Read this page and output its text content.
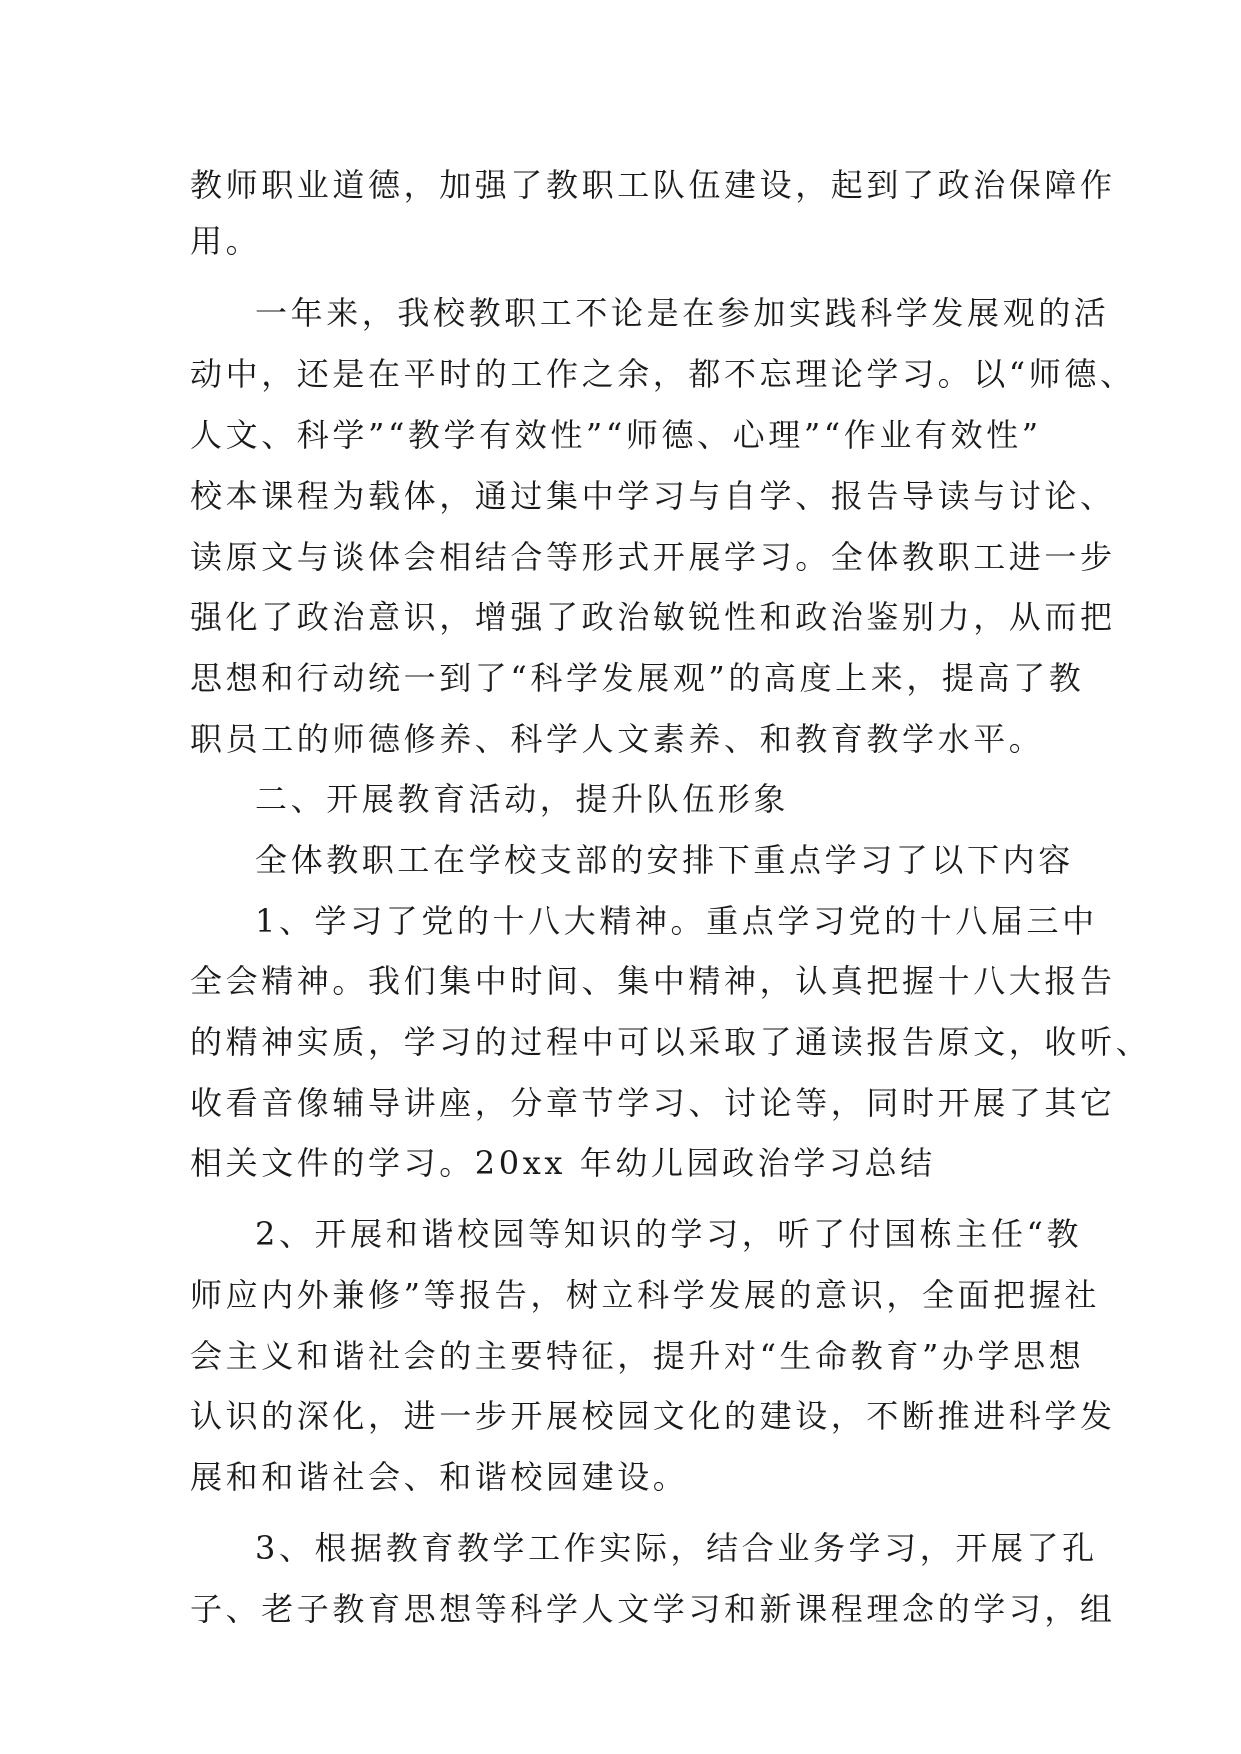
教师职业道德，加强了教职工队伍建设，起到了政治保障作
用。
一年来，我校教职工不论是在参加实践科学发展观的活
动中，还是在平时的工作之余，都不忘理论学习。以“师德、
人文、科学”“教学有效性”“师德、心理”“作业有效性”
校本课程为载体，通过集中学习与自学、报告导读与讨论、
读原文与谈体会相结合等形式开展学习。全体教职工进一步
强化了政治意识，增强了政治敏锐性和政治鉴别力，从而把
思想和行动统一到了“科学发展观”的高度上来，提高了教
职员工的师德修养、科学人文素养、和教育教学水平。
二、开展教育活动，提升队伍形象
全体教职工在学校支部的安排下重点学习了以下内容
1、学习了党的十八大精神。重点学习党的十八届三中
全会精神。我们集中时间、集中精神，认真把握十八大报告
的精神实质，学习的过程中可以采取了通读报告原文，收听、
收看音像辅导讲座，分章节学习、讨论等，同时开展了其它
相关文件的学习。20xx 年幼儿园政治学习总结
2、开展和谐校园等知识的学习，听了付国栋主任“教
师应内外兼修”等报告，树立科学发展的意识，全面把握社
会主义和谐社会的主要特征，提升对“生命教育”办学思想
认识的深化，进一步开展校园文化的建设，不断推进科学发
展和和谐社会、和谐校园建设。
3、根据教育教学工作实际，结合业务学习，开展了孔
子、老子教育思想等科学人文学习和新课程理念的学习，组
